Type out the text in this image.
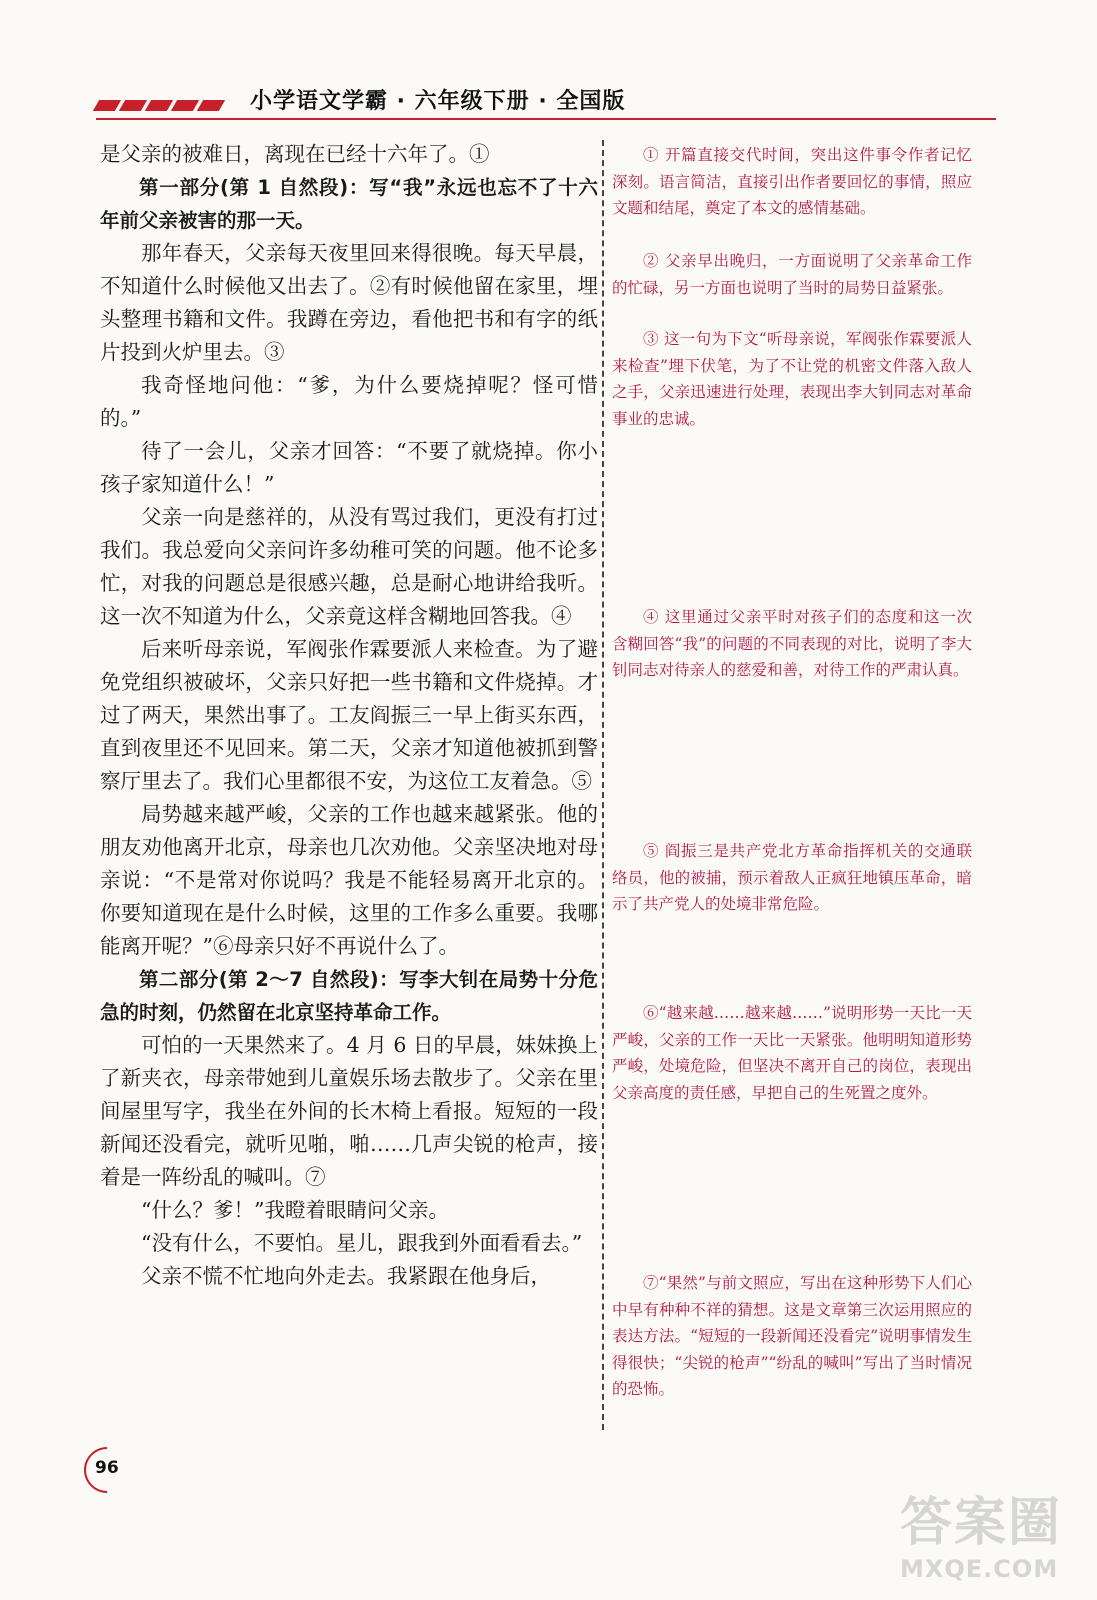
小学语文学霸 · 六年级下册 · 全国版

是父亲的被难日，离现在已经十六年了。①

第一部分(第 1 自然段)：写“我”永远也忘不了十六年前父亲被害的那一天。

那年春天，父亲每天夜里回来得很晚。每天早晨，不知道什么时候他又出去了。②有时候他留在家里，埋头整理书籍和文件。我蹲在旁边，看他把书和有字的纸片投到火炉里去。③

我奇怪地问他：“爹，为什么要烧掉呢？怪可惜的。”

待了一会儿，父亲才回答：“不要了就烧掉。你小孩子家知道什么！”

父亲一向是慈祥的，从没有骂过我们，更没有打过我们。我总爱向父亲问许多幼稚可笑的问题。他不论多忙，对我的问题总是很感兴趣，总是耐心地讲给我听。这一次不知道为什么，父亲竟这样含糊地回答我。④

后来听母亲说，军阀张作霖要派人来检查。为了避免党组织被破坏，父亲只好把一些书籍和文件烧掉。才过了两天，果然出事了。工友阎振三一早上街买东西，直到夜里还不见回来。第二天，父亲才知道他被抓到警察厅里去了。我们心里都很不安，为这位工友着急。⑤

局势越来越严峻，父亲的工作也越来越紧张。他的朋友劝他离开北京，母亲也几次劝他。父亲坚决地对母亲说：“不是常对你说吗？我是不能轻易离开北京的。你要知道现在是什么时候，这里的工作多么重要。我哪能离开呢？”⑥母亲只好不再说什么了。

第二部分(第 2～7 自然段)：写李大钊在局势十分危急的时刻，仍然留在北京坚持革命工作。

可怕的一天果然来了。4 月 6 日的早晨，妹妹换上了新夹衣，母亲带她到儿童娱乐场去散步了。父亲在里间屋里写字，我坐在外间的长木椅上看报。短短的一段新闻还没看完，就听见啪，啪……几声尖锐的枪声，接着是一阵纷乱的喊叫。⑦

“什么？爹！”我瞪着眼睛问父亲。

“没有什么，不要怕。星儿，跟我到外面看看去。”

父亲不慌不忙地向外走去。我紧跟在他身后，

① 开篇直接交代时间，突出这件事令作者记忆深刻。语言简洁，直接引出作者要回忆的事情，照应文题和结尾，奠定了本文的感情基础。
② 父亲早出晚归，一方面说明了父亲革命工作的忙碌，另一方面也说明了当时的局势日益紧张。
③ 这一句为下文“听母亲说，军阀张作霖要派人来检查”埋下伏笔，为了不让党的机密文件落入敌人之手，父亲迅速进行处理，表现出李大钊同志对革命事业的忠诚。
④ 这里通过父亲平时对孩子们的态度和这一次含糊回答“我”的问题的不同表现的对比，说明了李大钊同志对待亲人的慈爱和善，对待工作的严肃认真。
⑤ 阎振三是共产党北方革命指挥机关的交通联络员，他的被捕，预示着敌人正疯狂地镇压革命，暗示了共产党人的处境非常危险。
⑥“越来越……越来越……”说明形势一天比一天严峻，父亲的工作一天比一天紧张。他明明知道形势严峻，处境危险，但坚决不离开自己的岗位，表现出父亲高度的责任感，早把自己的生死置之度外。
⑦“果然”与前文照应，写出在这种形势下人们心中早有种种不祥的猜想。这是文章第三次运用照应的表达方法。“短短的一段新闻还没看完”说明事情发生得很快；“尖锐的枪声”“纷乱的喊叫”写出了当时情况的恐怖。
96
答案圈
MXQE.COM
